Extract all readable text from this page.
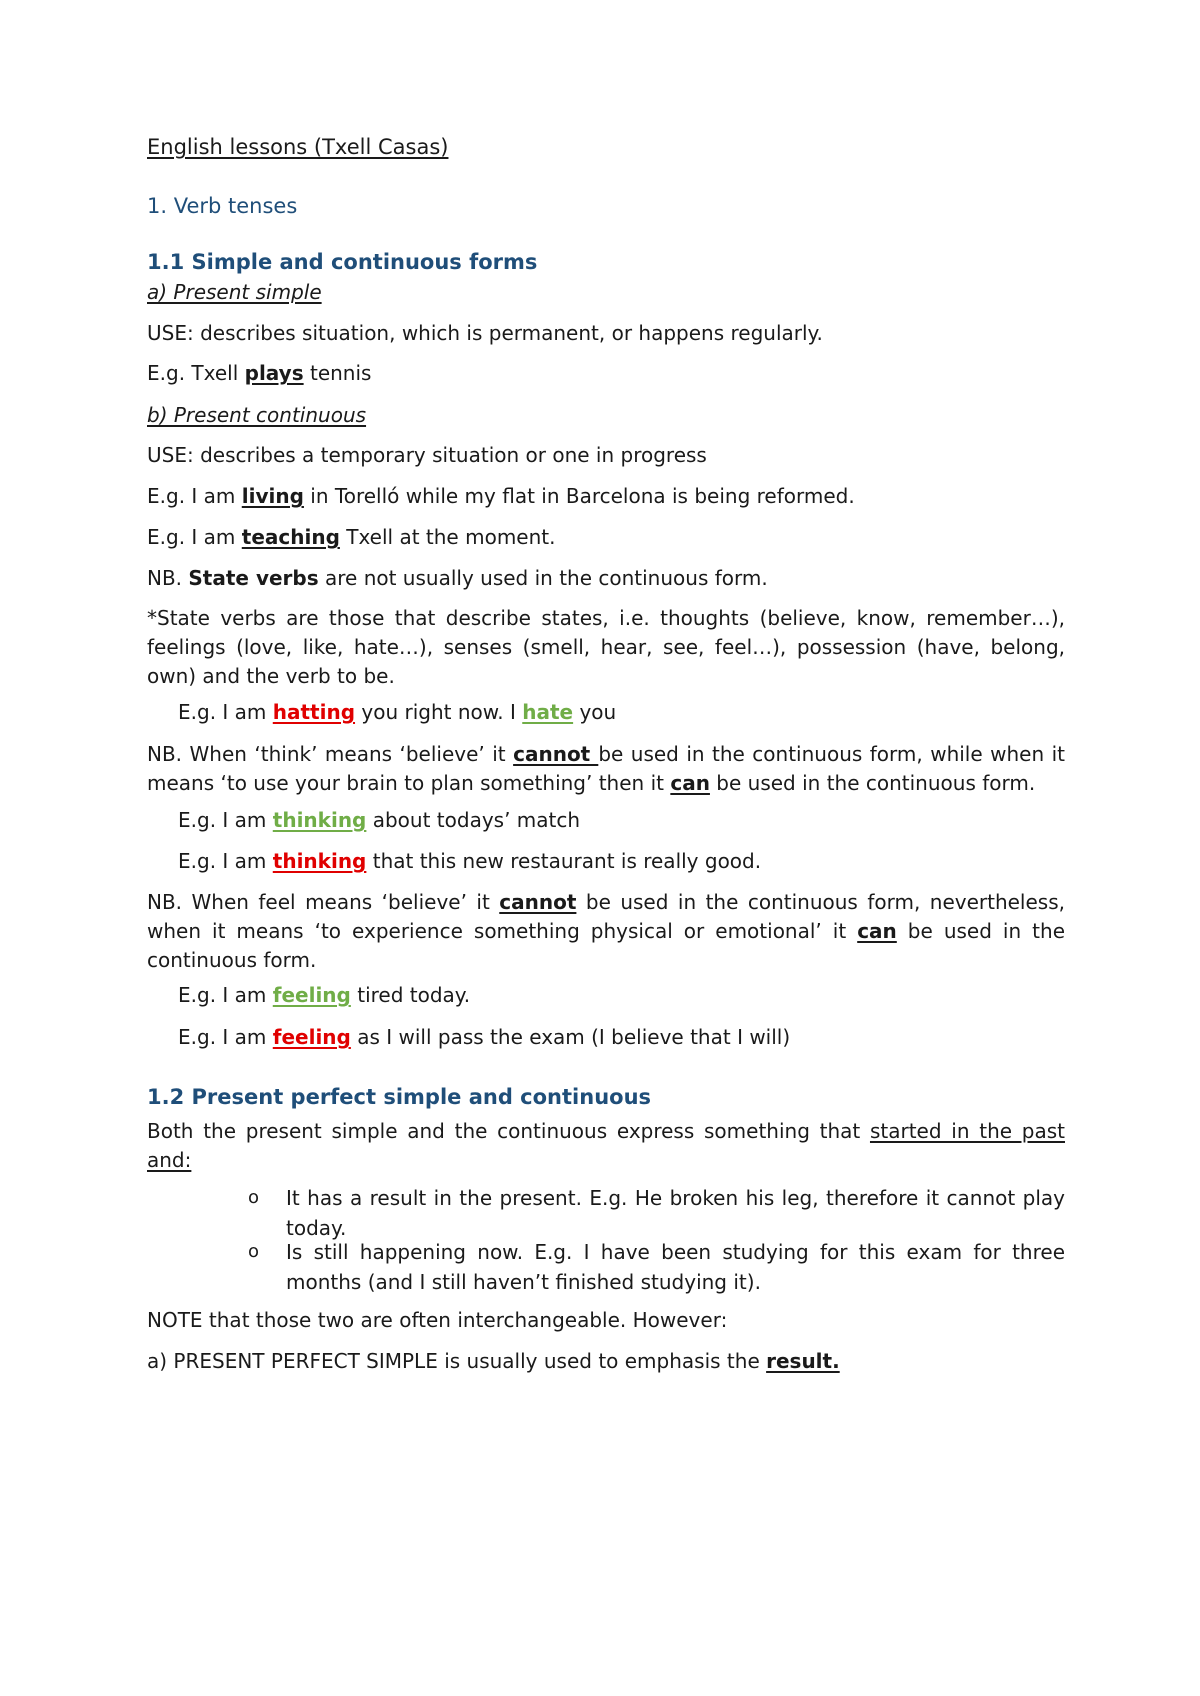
English lessons (Txell Casas)
1. Verb tenses
1.1 Simple and continuous forms
a) Present simple
USE: describes situation, which is permanent, or happens regularly.
E.g. Txell plays tennis
b) Present continuous
USE: describes a temporary situation or one in progress
E.g. I am living in Torelló while my flat in Barcelona is being reformed.
E.g. I am teaching Txell at the moment.
NB. State verbs are not usually used in the continuous form.
*State verbs are those that describe states, i.e. thoughts (believe, know, remember…), feelings (love, like, hate…), senses (smell, hear, see, feel…), possession (have, belong, own) and the verb to be.
E.g. I am hatting you right now. I hate you
NB. When ‘think’ means ‘believe’ it cannot be used in the continuous form, while when it means ‘to use your brain to plan something’ then it can be used in the continuous form.
E.g. I am thinking about todays’ match
E.g. I am thinking that this new restaurant is really good.
NB. When feel means ‘believe’ it cannot be used in the continuous form, nevertheless, when it means ‘to experience something physical or emotional’ it can be used in the continuous form.
E.g. I am feeling tired today.
E.g. I am feeling as I will pass the exam (I believe that I will)
1.2 Present perfect simple and continuous
Both the present simple and the continuous express something that started in the past and:
o It has a result in the present. E.g. He broken his leg, therefore it cannot play today.
o Is still happening now. E.g. I have been studying for this exam for three months (and I still haven’t finished studying it).
NOTE that those two are often interchangeable. However:
a) PRESENT PERFECT SIMPLE is usually used to emphasis the result.
